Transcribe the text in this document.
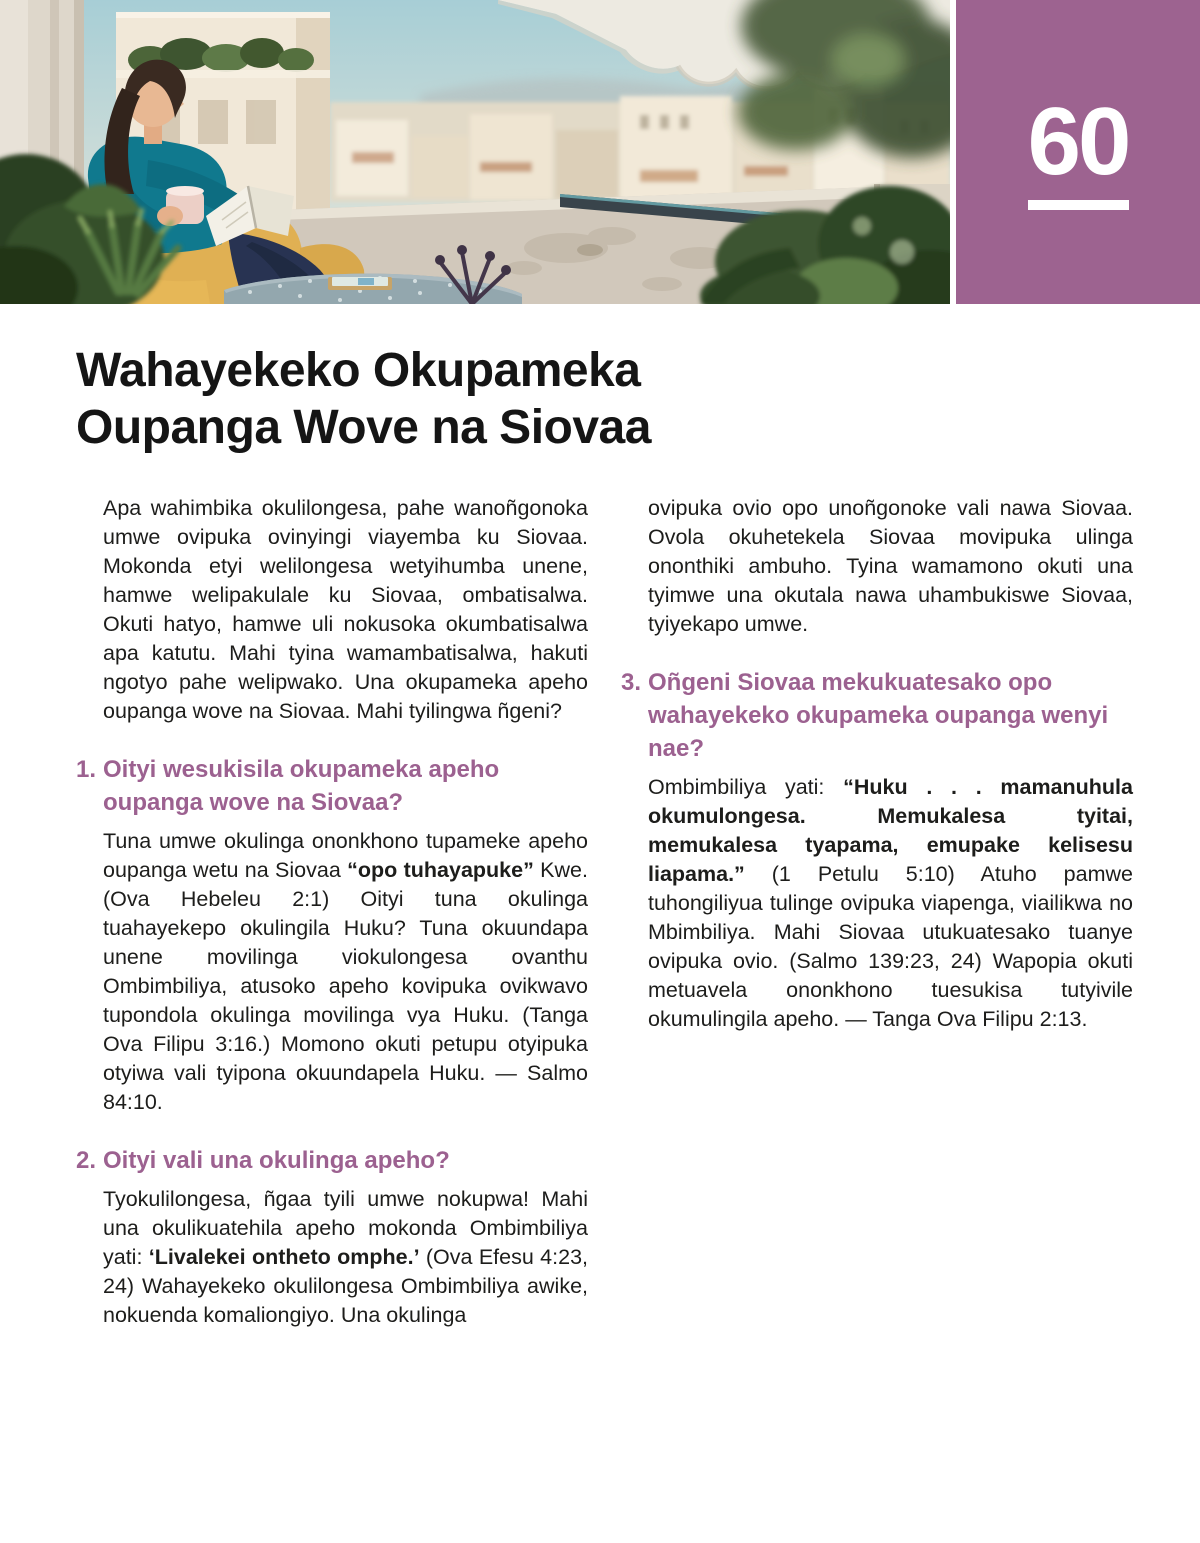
60
Wahayekeko Okupameka
Oupanga Wove na Siovaa

Apa wahimbika okulilongesa, pahe wanoñgonoka umwe ovipuka ovinyingi viayemba ku Siovaa. Mokonda etyi welilongesa wetyihumba unene, hamwe welipakulale ku Siovaa, ombatisalwa. Okuti hatyo, hamwe uli nokusoka okumbatisalwa apa katutu. Mahi tyina wamambatisalwa, hakuti ngotyo pahe welipwako. Una okupameka apeho oupanga wove na Siovaa. Mahi tyilingwa ñgeni?

1. Oityi wesukisila okupameka apeho oupanga wove na Siovaa?

Tuna umwe okulinga ononkhono tupameke apeho oupanga wetu na Siovaa “opo tuhayapuke” Kwe. (Ova Hebeleu 2:1) Oityi tuna okulinga tuahayekepo okulingila Huku? Tuna okuundapa unene movilinga viokulongesa ovanthu Ombimbiliya, atusoko apeho kovipuka ovikwavo tupondola okulinga movilinga vya Huku. (Tanga Ova Filipu 3:16.) Momono okuti petupu otyipuka otyiwa vali tyipona okuundapela Huku. — Salmo 84:10.

2. Oityi vali una okulinga apeho?

Tyokulilongesa, ñgaa tyili umwe nokupwa! Mahi una okulikuatehila apeho mokonda Ombimbiliya yati: ‘Livalekei ontheto omphe.’ (Ova Efesu 4:23, 24) Wahayekeko okulilongesa Ombimbiliya awike, nokuenda komaliongiyo. Una okulinga

ovipuka ovio opo unoñgonoke vali nawa Siovaa. Ovola okuhetekela Siovaa movipuka ulinga ononthiki ambuho. Tyina wamamono okuti una tyimwe una okutala nawa uhambukiswe Siovaa, tyiyekapo umwe.

3. Oñgeni Siovaa mekukuatesako opo wahayekeko okupameka oupanga wenyi nae?

Ombimbiliya yati: “Huku . . . mamanuhula okumulongesa. Memukalesa tyitai, memukalesa tyapama, emupake kelisesu liapama.” (1 Petulu 5:10) Atuho pamwe tuhongiliyua tulinge ovipuka viapenga, viailikwa no Mbimbiliya. Mahi Siovaa utukuatesako tuanye ovipuka ovio. (Salmo 139:23, 24) Wapopia okuti metuavela ononkhono tuesukisa tutyivile okumulingila apeho. — Tanga Ova Filipu 2:13.
